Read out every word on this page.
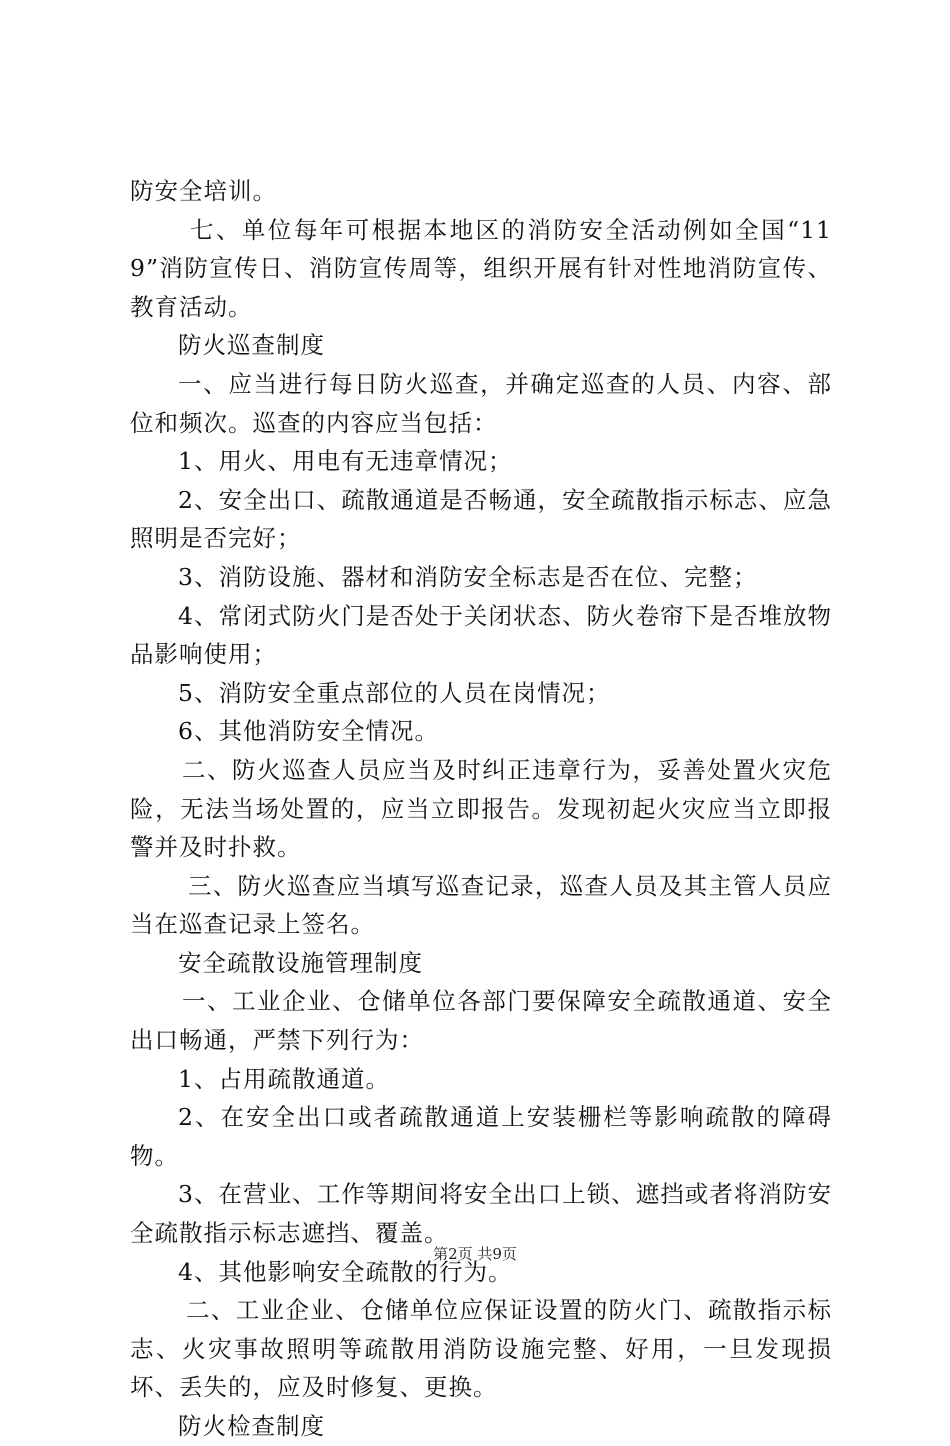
防安全培训。

七、单位每年可根据本地区的消防安全活动例如全国“119”消防宣传日、消防宣传周等，组织开展有针对性地消防宣传、教育活动。

防火巡查制度

一、应当进行每日防火巡查，并确定巡查的人员、内容、部位和频次。巡查的内容应当包括：

1、用火、用电有无违章情况；

2、安全出口、疏散通道是否畅通，安全疏散指示标志、应急照明是否完好；

3、消防设施、器材和消防安全标志是否在位、完整；

4、常闭式防火门是否处于关闭状态、防火卷帘下是否堆放物品影响使用；

5、消防安全重点部位的人员在岗情况；

6、其他消防安全情况。

二、防火巡查人员应当及时纠正违章行为，妥善处置火灾危险，无法当场处置的，应当立即报告。发现初起火灾应当立即报警并及时扑救。

三、防火巡查应当填写巡查记录，巡查人员及其主管人员应当在巡查记录上签名。

安全疏散设施管理制度

一、工业企业、仓储单位各部门要保障安全疏散通道、安全出口畅通，严禁下列行为：

1、占用疏散通道。

2、在安全出口或者疏散通道上安装栅栏等影响疏散的障碍物。

3、在营业、工作等期间将安全出口上锁、遮挡或者将消防安全疏散指示标志遮挡、覆盖。

4、其他影响安全疏散的行为。

二、工业企业、仓储单位应保证设置的防火门、疏散指示标志、火灾事故照明等疏散用消防设施完整、好用，一旦发现损坏、丢失的，应及时修复、更换。

防火检查制度

第2页 共9页
